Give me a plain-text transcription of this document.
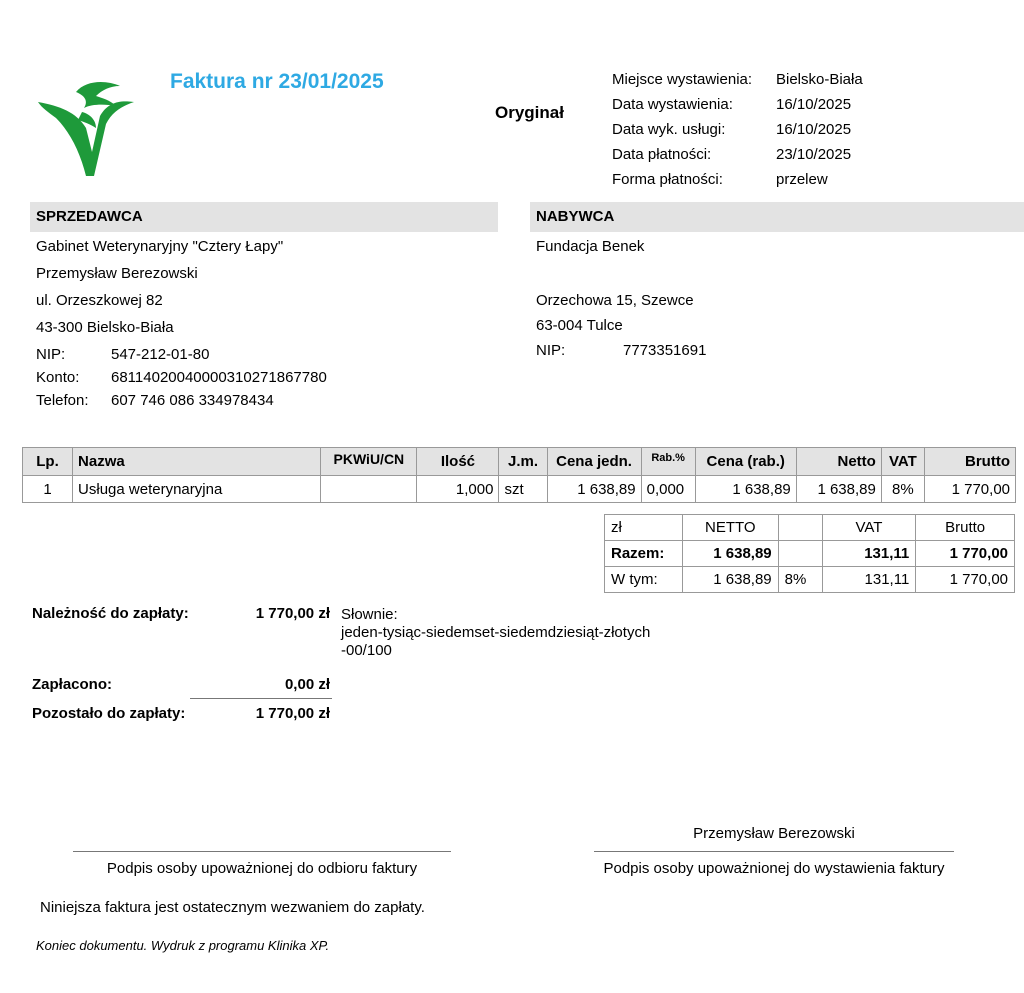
Faktura nr 23/01/2025
Oryginał
Miejsce wystawienia:	Bielsko-Biała
Data wystawienia:	16/10/2025
Data wyk. usługi:	16/10/2025
Data płatności:	23/10/2025
Forma płatności:	przelew
SPRZEDAWCA
Gabinet Weterynaryjny "Cztery Łapy"
Przemysław Berezowski
ul. Orzeszkowej 82
43-300 Bielsko-Biała
NIP:	547-212-01-80
Konto:	68114020040000310271867780
Telefon:	607 746 086 334978434
NABYWCA
Fundacja Benek
Orzechowa 15, Szewce
63-004 Tulce
NIP:	7773351691
Lp.	Nazwa	PKWiU/CN	Ilość	J.m.	Cena jedn.	Rab.%	Cena (rab.)	Netto	VAT	Brutto
1	Usługa weterynaryjna		1,000	szt	1 638,89	0,000	1 638,89	1 638,89	8%	1 770,00
zł	NETTO		VAT	Brutto
Razem:	1 638,89		131,11	1 770,00
W tym:	1 638,89	8%	131,11	1 770,00
Należność do zapłaty:	1 770,00 zł Słownie:
jeden-tysiąc-siedemset-siedemdziesiąt-złotych
-00/100
Zapłacono:	0,00 zł
Pozostało do zapłaty:	1 770,00 zł
Przemysław Berezowski
Podpis osoby upoważnionej do odbioru faktury	Podpis osoby upoważnionej do wystawienia faktury
Niniejsza faktura jest ostatecznym wezwaniem do zapłaty.
Koniec dokumentu. Wydruk z programu Klinika XP.
